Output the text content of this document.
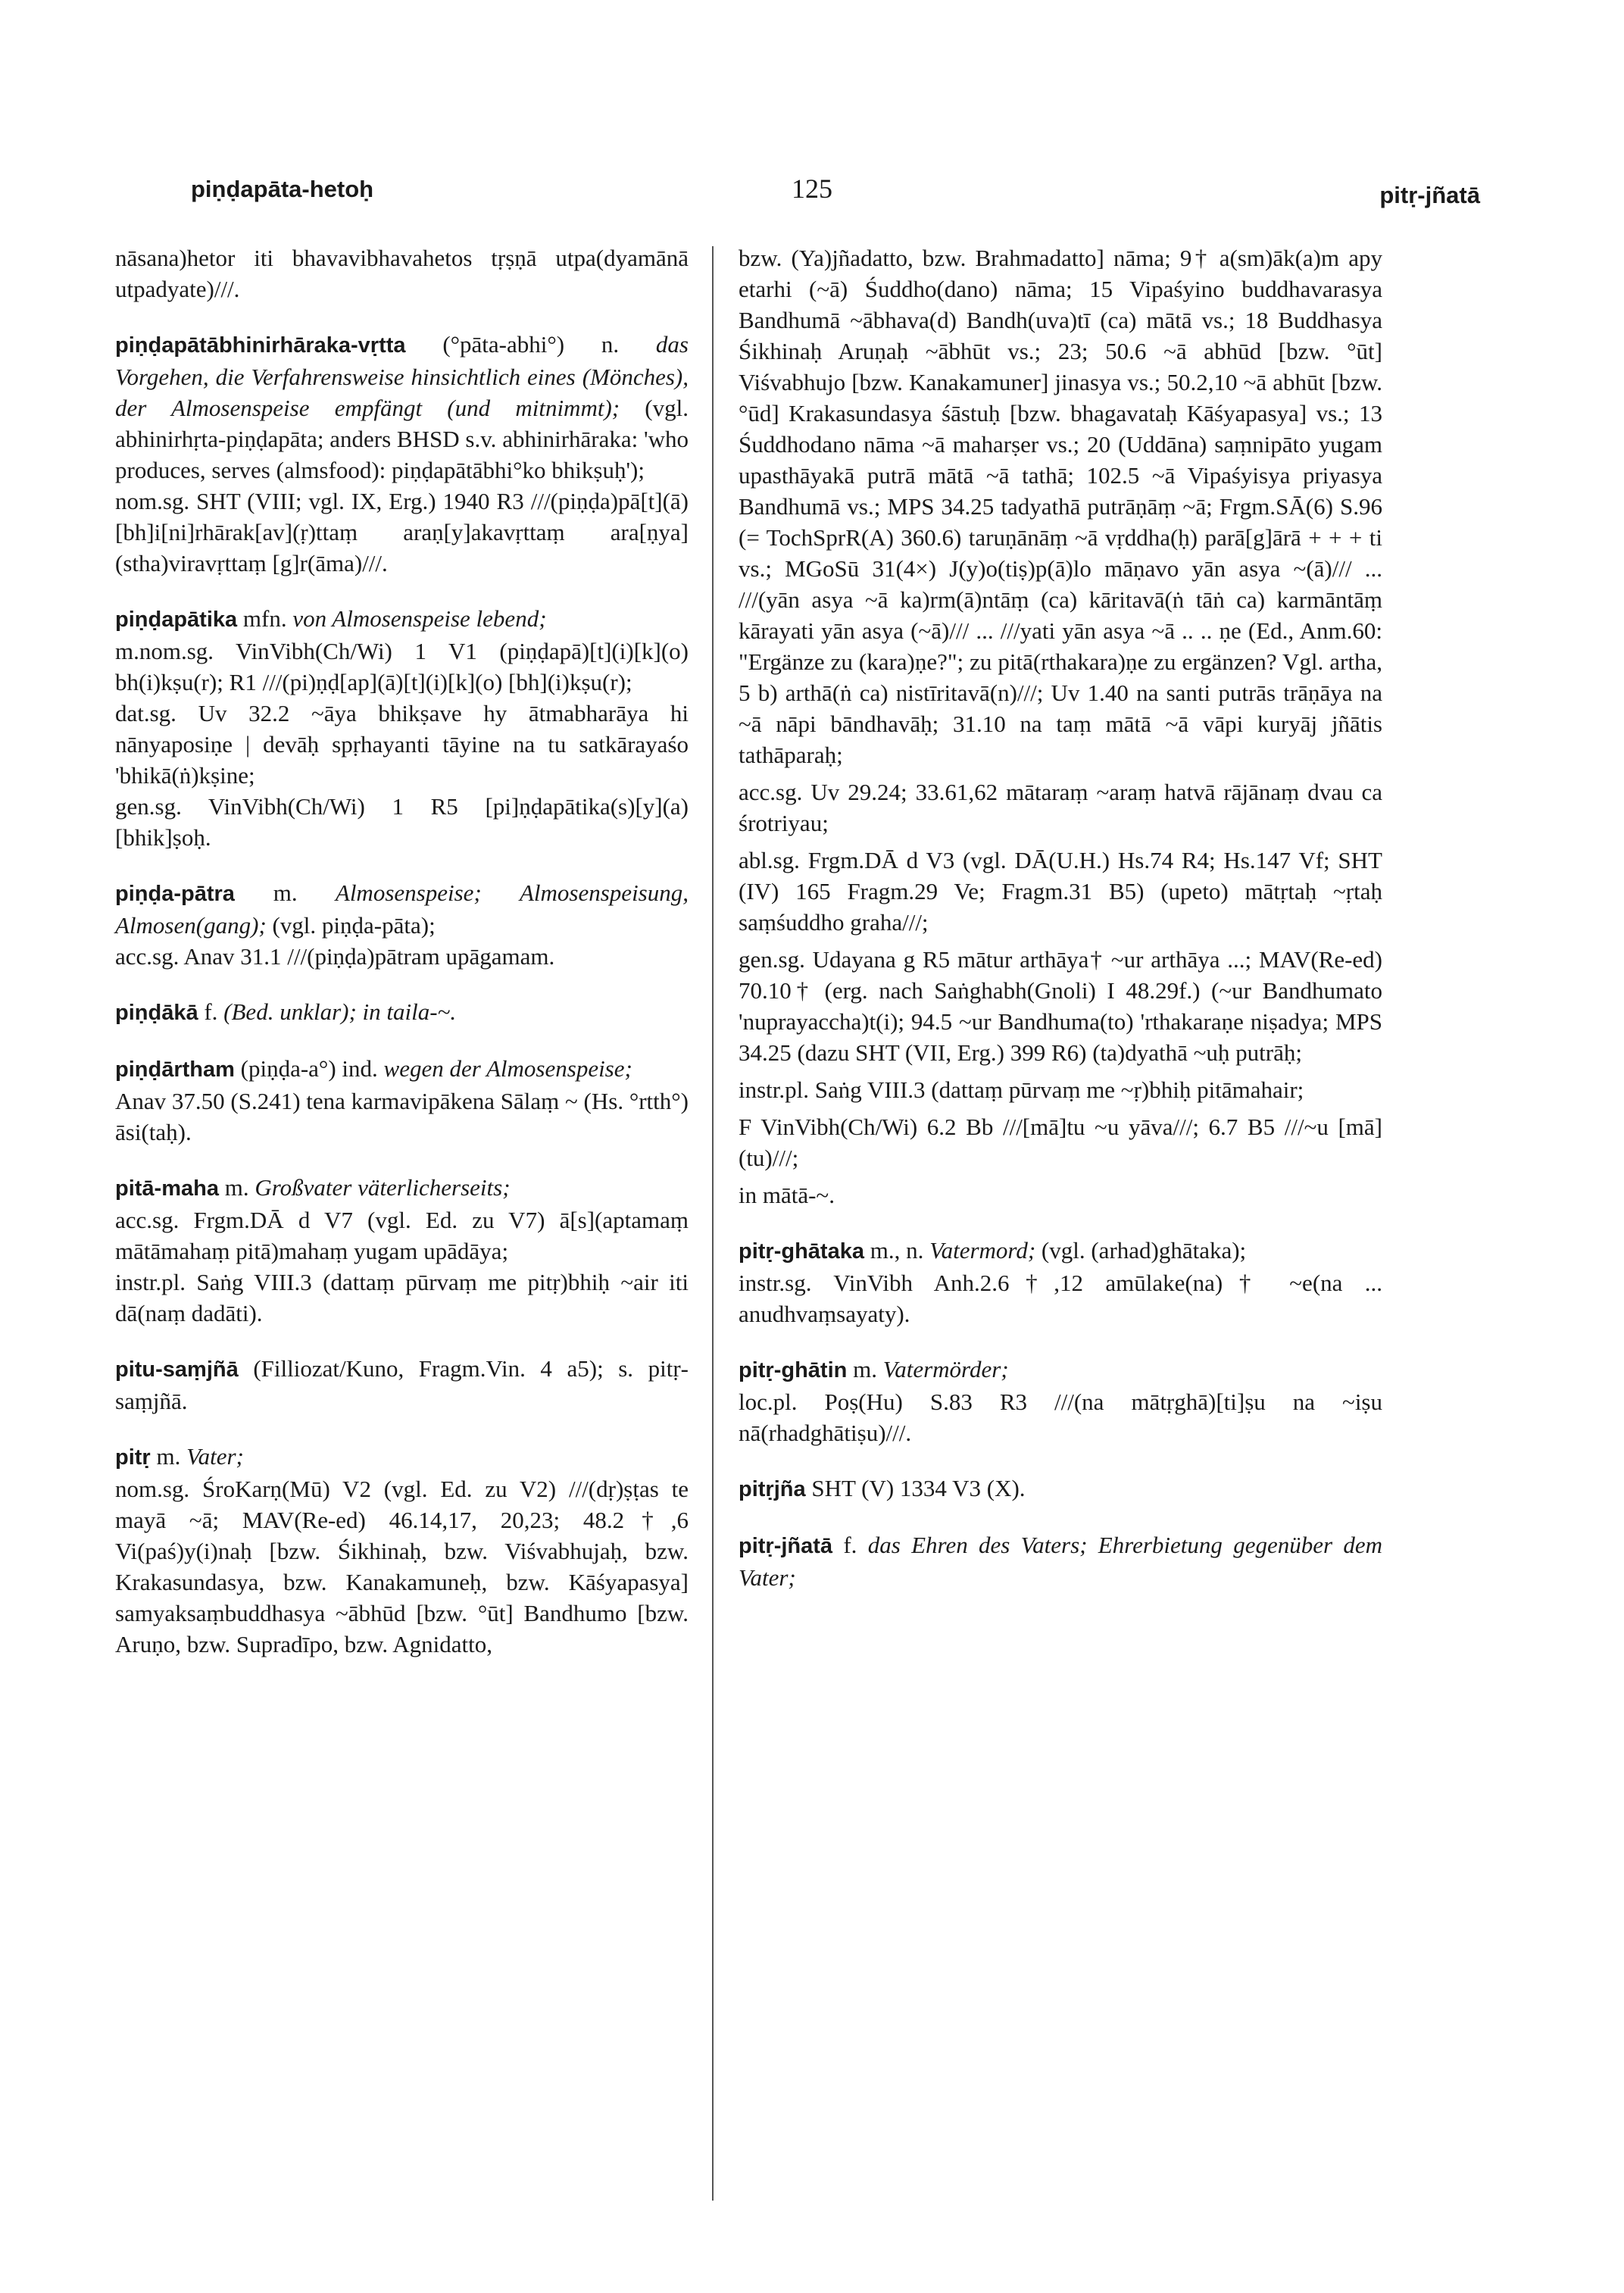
piṇḍapāta-hetoḥ	125	pitṛ-jñatā

nāsana)hetor iti bhavavibhavahetos tṛṣṇā utpa(dyamānā utpadyate)///.

piṇḍapātābhinirhāraka-vṛtta (°pāta-abhi°) n. das Vorgehen, die Verfahrensweise hinsichtlich eines (Mönches), der Almosenspeise empfängt (und mitnimmt); (vgl. abhinirhṛta-piṇḍapāta; anders BHSD s.v. abhinirhāraka: 'who produces, serves (almsfood): piṇḍapātābhi°ko bhikṣuḥ');

nom.sg. SHT (VIII; vgl. IX, Erg.) 1940 R3 ///(piṇḍa)pā[t](ā)[bh]i[ni]rhārak[av](ṛ)ttaṃ araṇ[y]akavṛttaṃ ara[ṇya](stha)viravṛttaṃ [g]r(āma)///.

piṇḍapātika mfn. von Almosenspeise lebend;

m.nom.sg. VinVibh(Ch/Wi) 1 V1 (piṇḍapā)[t](i)[k](o) bh(i)kṣu(r); R1 ///(pi)ṇḍ[ap](ā)[t](i)[k](o) [bh](i)kṣu(r);

dat.sg. Uv 32.2 ~āya bhikṣave hy ātmabharāya hi nānyaposiṇe | devāḥ spṛhayanti tāyine na tu satkārayaśo 'bhikā(ṅ)kṣine;

gen.sg. VinVibh(Ch/Wi) 1 R5 [pi]ṇḍapātika(s)[y](a) [bhik]ṣoḥ.

piṇḍa-pātra m. Almosenspeise; Almosenspeisung, Almosen(gang); (vgl. piṇḍa-pāta);

acc.sg. Anav 31.1 ///(piṇḍa)pātram upāgamam.

piṇḍākā f. (Bed. unklar); in taila-~.

piṇḍārtham (piṇḍa-a°) ind. wegen der Almosenspeise;

Anav 37.50 (S.241) tena karmavipākena Sālaṃ ~ (Hs. °rtth°) āsi(taḥ).

pitā-maha m. Großvater väterlicherseits;

acc.sg. Frgm.DĀ d V7 (vgl. Ed. zu V7) ā[s](aptamaṃ mātāmahaṃ pitā)mahaṃ yugam upādāya;

instr.pl. Saṅg VIII.3 (dattaṃ pūrvaṃ me pitṛ)bhiḥ ~air iti dā(naṃ dadāti).

pitu-saṃjñā (Filliozat/Kuno, Fragm.Vin. 4 a5); s. pitṛ-saṃjñā.

pitṛ m. Vater;

nom.sg. ŚroKarṇ(Mū) V2 (vgl. Ed. zu V2) ///(dṛ)ṣṭas te mayā ~ā; MAV(Re-ed) 46.14,17, 20,23; 48.2†,6 Vi(paś)y(i)naḥ [bzw. Śikhinaḥ, bzw. Viśvabhujaḥ, bzw. Krakasundasya, bzw. Kanakamuneḥ, bzw. Kāśyapasya] samyaksaṃbuddhasya ~ābhūd [bzw. °ūt] Bandhumo [bzw. Aruṇo, bzw. Supradīpo, bzw. Agnidatto,

bzw. (Ya)jñadatto, bzw. Brahmadatto] nāma; 9† a(sm)āk(a)m apy etarhi (~ā) Śuddho(dano) nāma; 15 Vipaśyino buddhavarasya Bandhumā ~ābhava(d) Bandh(uva)tī (ca) mātā vs.; 18 Buddhasya Śikhinaḥ Aruṇaḥ ~ābhūt vs.; 23; 50.6 ~ā abhūd [bzw. °ūt] Viśvabhujo [bzw. Kanakamuner] jinasya vs.; 50.2,10 ~ā abhūt [bzw. °ūd] Krakasundasya śāstuḥ [bzw. bhagavataḥ Kāśyapasya] vs.; 13 Śuddhodano nāma ~ā maharṣer vs.; 20 (Uddāna) saṃnipāto yugam upasthāyakā putrā mātā ~ā tathā; 102.5 ~ā Vipaśyisya priyasya Bandhumā vs.; MPS 34.25 tadyathā putrāṇāṃ ~ā; Frgm.SĀ(6) S.96 (= TochSprR(A) 360.6) taruṇānāṃ ~ā vṛddha(ḥ) parā[g]ārā + + + ti vs.; MGoSū 31(4×) J(y)o(tiṣ)p(ā)lo māṇavo yān asya ~(ā)/// ... ///(yān asya ~ā ka)rm(ā)ntāṃ (ca) kāritavā(ṅ tāṅ ca) karmāntāṃ kārayati yān asya (~ā)/// ... ///yati yān asya ~ā .. .. ṇe (Ed., Anm.60: "Ergänze zu (kara)ṇe?"; zu pitā(rthakara)ṇe zu ergänzen? Vgl. artha, 5 b) arthā(ṅ ca) nistīritavā(n)///; Uv 1.40 na santi putrās trāṇāya na ~ā nāpi bāndhavāḥ; 31.10 na taṃ mātā ~ā vāpi kuryāj jñātis tathāparaḥ;

acc.sg. Uv 29.24; 33.61,62 mātaraṃ ~araṃ hatvā rājānaṃ dvau ca śrotriyau;

abl.sg. Frgm.DĀ d V3 (vgl. DĀ(U.H.) Hs.74 R4; Hs.147 Vf; SHT (IV) 165 Fragm.29 Ve; Fragm.31 B5) (upeto) mātṛtaḥ ~ṛtaḥ saṃśuddho graha///;

gen.sg. Udayana g R5 mātur arthāya† ~ur arthāya ...; MAV(Re-ed) 70.10† (erg. nach Saṅghabh(Gnoli) I 48.29f.) (~ur Bandhumato 'nuprayaccha)t(i); 94.5 ~ur Bandhuma(to) 'rthakaraṇe niṣadya; MPS 34.25 (dazu SHT (VII, Erg.) 399 R6) (ta)dyathā ~uḥ putrāḥ;

instr.pl. Saṅg VIII.3 (dattaṃ pūrvaṃ me ~ṛ)bhiḥ pitāmahair;

F VinVibh(Ch/Wi) 6.2 Bb ///[mā]tu ~u yāva///; 6.7 B5 ///~u [mā](tu)///;

in mātā-~.

pitṛ-ghātaka m., n. Vatermord; (vgl. (arhad)ghātaka);

instr.sg. VinVibh Anh.2.6†,12 amūlake(na)† ~e(na ... anudhvaṃsayaty).

pitṛ-ghātin m. Vatermörder;

loc.pl. Poṣ(Hu) S.83 R3 ///(na mātṛghā)[ti]ṣu na ~iṣu nā(rhadghātiṣu)///.

pitṛjña SHT (V) 1334 V3 (X).

pitṛ-jñatā f. das Ehren des Vaters; Ehrerbietung gegenüber dem Vater;
